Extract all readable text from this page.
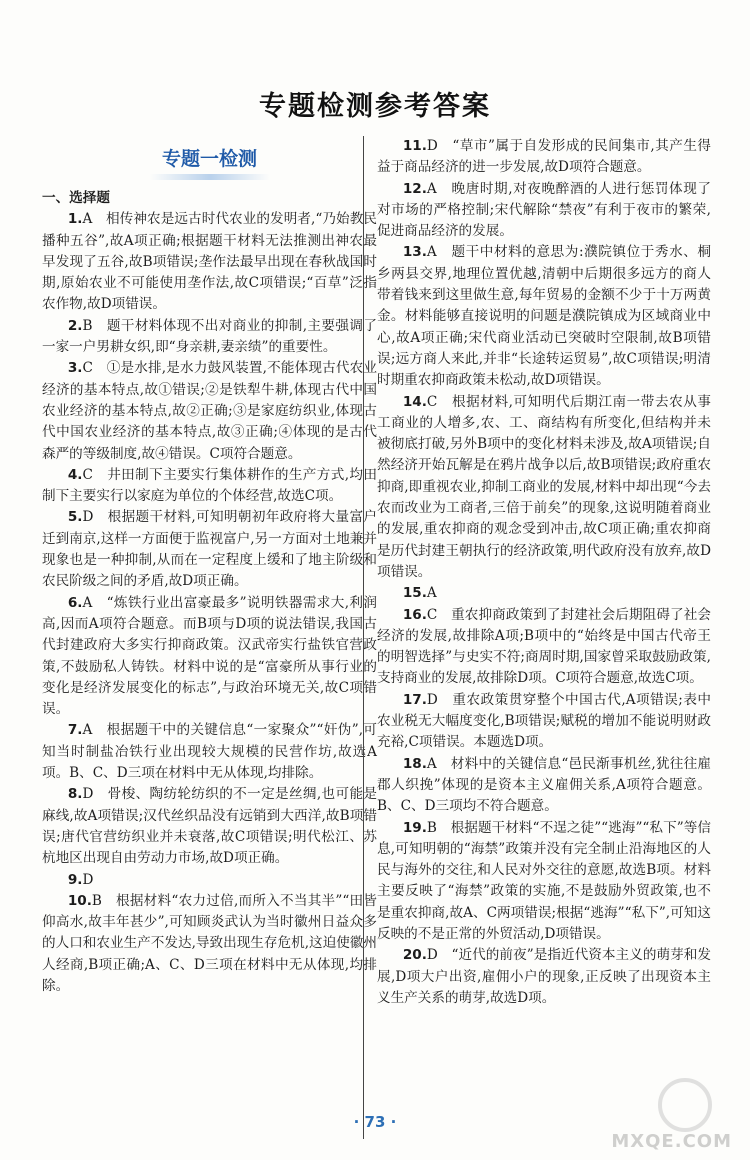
专题检测参考答案
专题一检测

一、选择题

1.A　相传神农是远古时代农业的发明者,“乃始教民播种五谷”,故A项正确;根据题干材料无法推测出神农最早发现了五谷,故B项错误;垄作法最早出现在春秋战国时期,原始农业不可能使用垄作法,故C项错误;“百草”泛指农作物,故D项错误。

2.B　题干材料体现不出对商业的抑制,主要强调了一家一户男耕女织,即“身亲耕,妻亲绩”的重要性。

3.C　①是水排,是水力鼓风装置,不能体现古代农业经济的基本特点,故①错误;②是铁犁牛耕,体现古代中国农业经济的基本特点,故②正确;③是家庭纺织业,体现古代中国农业经济的基本特点,故③正确;④体现的是古代森严的等级制度,故④错误。C项符合题意。

4.C　井田制下主要实行集体耕作的生产方式,均田制下主要实行以家庭为单位的个体经营,故选C项。

5.D　根据题干材料,可知明朝初年政府将大量富户迁到南京,这样一方面便于监视富户,另一方面对土地兼并现象也是一种抑制,从而在一定程度上缓和了地主阶级和农民阶级之间的矛盾,故D项正确。

6.A　“炼铁行业出富豪最多”说明铁器需求大,利润高,因而A项符合题意。而B项与D项的说法错误,我国古代封建政府大多实行抑商政策。汉武帝实行盐铁官营政策,不鼓励私人铸铁。材料中说的是“富豪所从事行业的变化是经济发展变化的标志”,与政治环境无关,故C项错误。

7.A　根据题干中的关键信息“一家聚众”“奸伪”,可知当时制盐冶铁行业出现较大规模的民营作坊,故选A项。B、C、D三项在材料中无从体现,均排除。

8.D　骨梭、陶纺轮纺织的不一定是丝绸,也可能是麻线,故A项错误;汉代丝织品没有远销到大西洋,故B项错误;唐代官营纺织业并未衰落,故C项错误;明代松江、苏杭地区出现自由劳动力市场,故D项正确。

9.D

10.B　根据材料“农力过倍,而所入不当其半”“田皆仰高水,故丰年甚少”,可知顾炎武认为当时徽州日益众多的人口和农业生产不发达,导致出现生存危机,这迫使徽州人经商,B项正确;A、C、D三项在材料中无从体现,均排除。

11.D　“草市”属于自发形成的民间集市,其产生得益于商品经济的进一步发展,故D项符合题意。

12.A　晚唐时期,对夜晚醉酒的人进行惩罚体现了对市场的严格控制;宋代解除“禁夜”有利于夜市的繁荣,促进商品经济的发展。

13.A　题干中材料的意思为:濮院镇位于秀水、桐乡两县交界,地理位置优越,清朝中后期很多远方的商人带着钱来到这里做生意,每年贸易的金额不少于十万两黄金。材料能够直接说明的问题是濮院镇成为区域商业中心,故A项正确;宋代商业活动已突破时空限制,故B项错误;远方商人来此,并非“长途转运贸易”,故C项错误;明清时期重农抑商政策未松动,故D项错误。

14.C　根据材料,可知明代后期江南一带去农从事工商业的人增多,农、工、商结构有所变化,但结构并未被彻底打破,另外B项中的变化材料未涉及,故A项错误;自然经济开始瓦解是在鸦片战争以后,故B项错误;政府重农抑商,即重视农业,抑制工商业的发展,材料中却出现“今去农而改业为工商者,三倍于前矣”的现象,这说明随着商业的发展,重农抑商的观念受到冲击,故C项正确;重农抑商是历代封建王朝执行的经济政策,明代政府没有放弃,故D项错误。

15.A

16.C　重农抑商政策到了封建社会后期阻碍了社会经济的发展,故排除A项;B项中的“始终是中国古代帝王的明智选择”与史实不符;商周时期,国家曾采取鼓励政策,支持商业的发展,故排除D项。C项符合题意,故选C项。

17.D　重农政策贯穿整个中国古代,A项错误;表中农业税无大幅度变化,B项错误;赋税的增加不能说明财政充裕,C项错误。本题选D项。

18.A　材料中的关键信息“邑民渐事机丝,犹往往雇郡人织挽”体现的是资本主义雇佣关系,A项符合题意。B、C、D三项均不符合题意。

19.B　根据题干材料“不逞之徒”“逃海”“私下”等信息,可知明朝的“海禁”政策并没有完全制止沿海地区的人民与海外的交往,和人民对外交往的意愿,故选B项。材料主要反映了“海禁”政策的实施,不是鼓励外贸政策,也不是重农抑商,故A、C两项错误;根据“逃海”“私下”,可知这反映的不是正常的外贸活动,D项错误。

20.D　“近代的前夜”是指近代资本主义的萌芽和发展,D项大户出资,雇佣小户的现象,正反映了出现资本主义生产关系的萌芽,故选D项。

· 73 ·
MXQE.COM
